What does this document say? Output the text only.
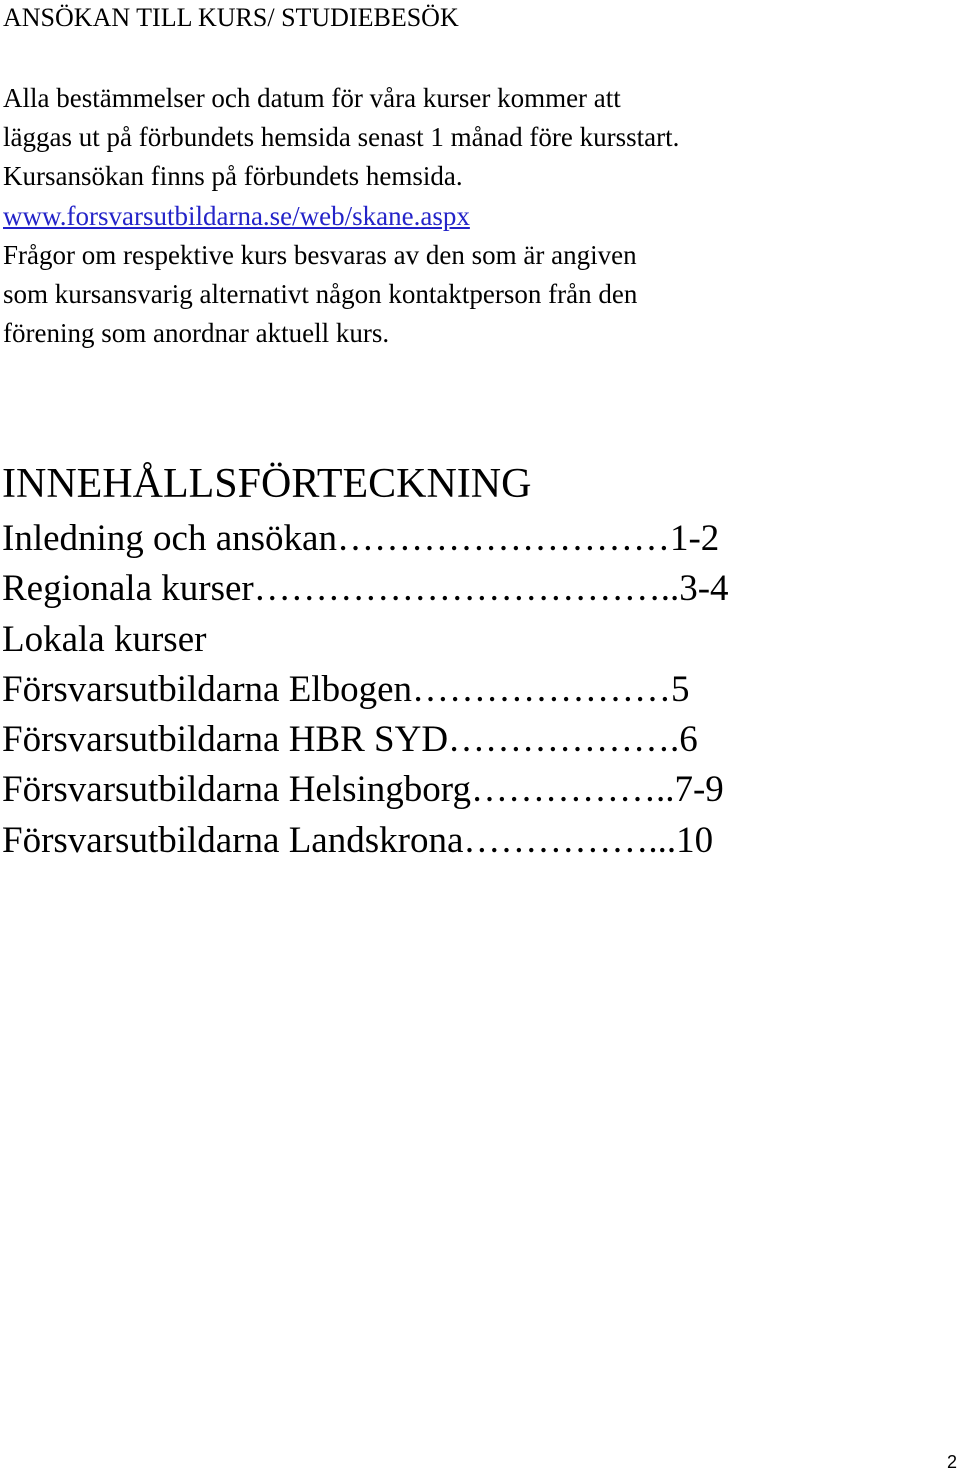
ANSÖKAN TILL KURS/ STUDIEBESÖK
Alla bestämmelser och datum för våra kurser kommer att
läggas ut på förbundets hemsida senast 1 månad före kursstart.
Kursansökan finns på förbundets hemsida.
www.forsvarsutbildarna.se/web/skane.aspx
Frågor om respektive kurs besvaras av den som är angiven
som kursansvarig alternativt någon kontaktperson från den
förening som anordnar aktuell kurs.
INNEHÅLLSFÖRTECKNING
Inledning och ansökan………………………1-2
Regionala kurser……………………………..3-4
Lokala kurser
Försvarsutbildarna Elbogen…………………5
Försvarsutbildarna HBR SYD……………….6
Försvarsutbildarna Helsingborg……………..7-9
Försvarsutbildarna Landskrona……………...10
2
